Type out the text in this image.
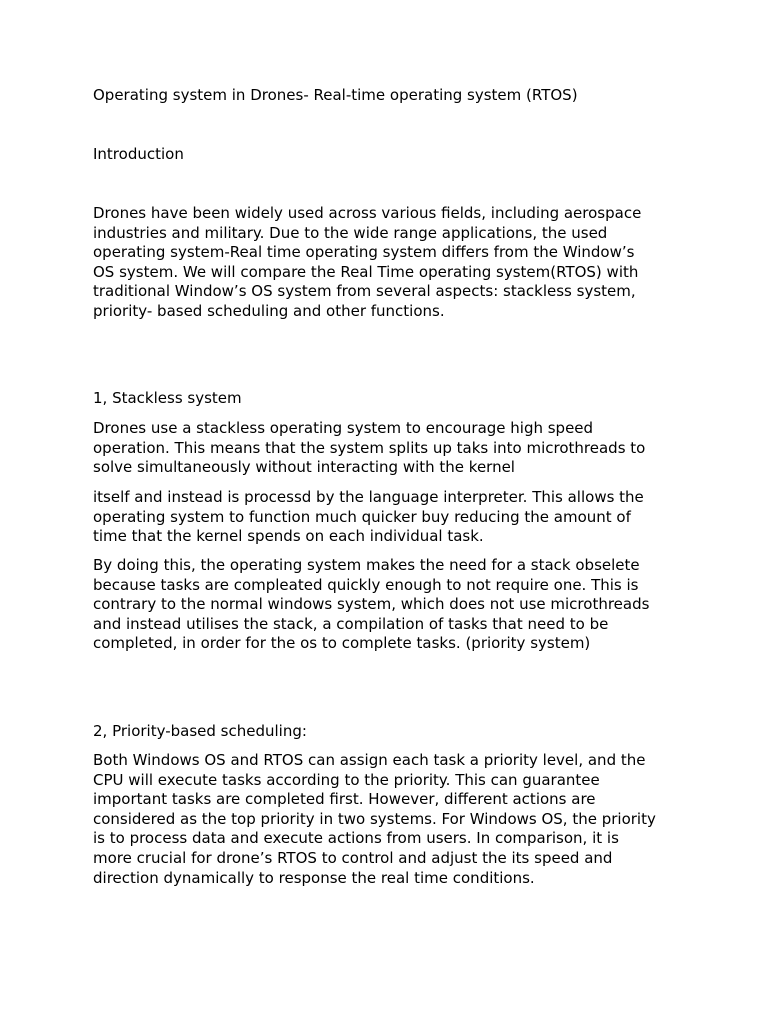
Operating system in Drones- Real-time operating system (RTOS)

Introduction

Drones have been widely used across various fields, including aerospace
industries and military. Due to the wide range applications, the used
operating system-Real time operating system differs from the Window’s
OS system. We will compare the Real Time operating system(RTOS) with
traditional Window’s OS system from several aspects: stackless system,
priority- based scheduling and other functions.

1, Stackless system

Drones use a stackless operating system to encourage high speed
operation. This means that the system splits up taks into microthreads to
solve simultaneously without interacting with the kernel

itself and instead is processd by the language interpreter. This allows the
operating system to function much quicker buy reducing the amount of
time that the kernel spends on each individual task.

By doing this, the operating system makes the need for a stack obselete
because tasks are compleated quickly enough to not require one. This is
contrary to the normal windows system, which does not use microthreads
and instead utilises the stack, a compilation of tasks that need to be
completed, in order for the os to complete tasks. (priority system)

2, Priority-based scheduling:

Both Windows OS and RTOS can assign each task a priority level, and the
CPU will execute tasks according to the priority. This can guarantee
important tasks are completed first. However, different actions are
considered as the top priority in two systems. For Windows OS, the priority
is to process data and execute actions from users. In comparison, it is
more crucial for drone’s RTOS to control and adjust the its speed and
direction dynamically to response the real time conditions.
